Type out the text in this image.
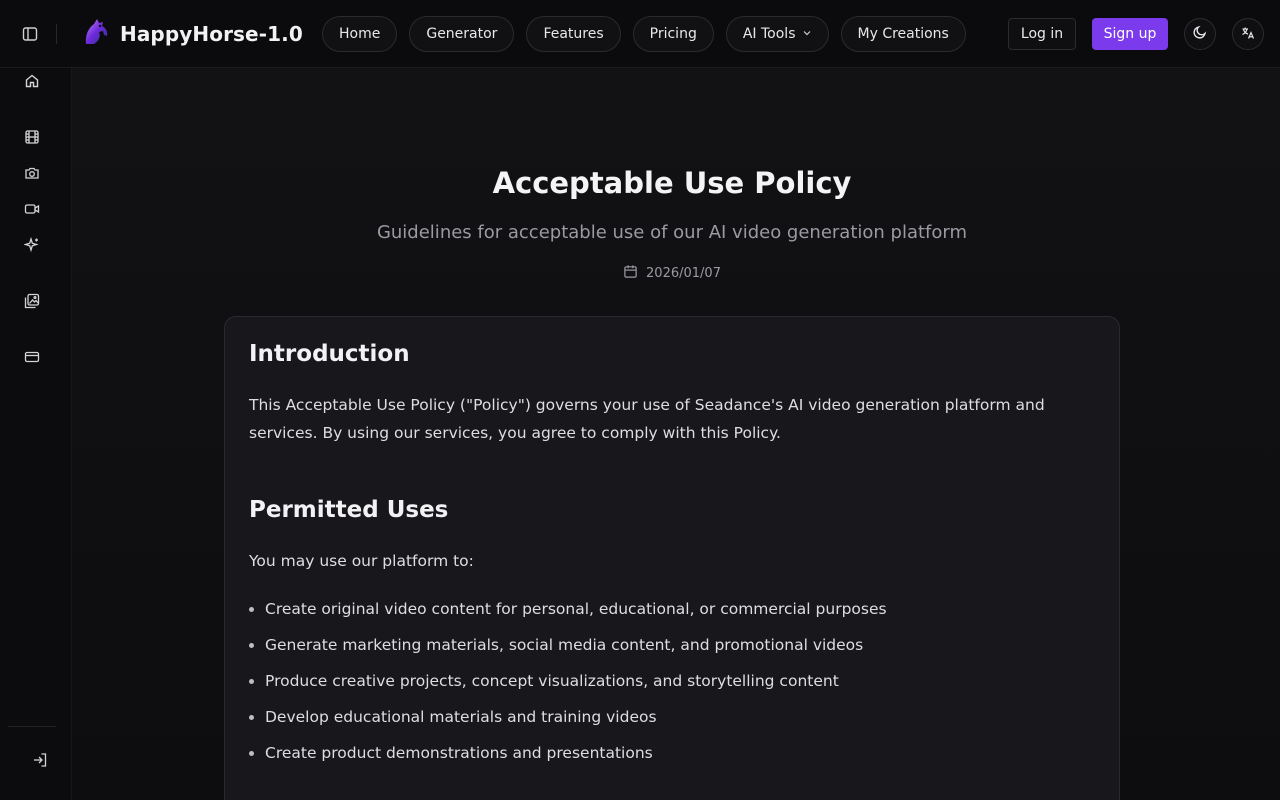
HappyHorse-1.0	Home	Generator	Features	Pricing	AI Tools	My Creations	Log in	Sign up
Acceptable Use Policy

Guidelines for acceptable use of our AI video generation platform

2026/01/07
Introduction

This Acceptable Use Policy ("Policy") governs your use of Seadance's AI video generation platform and services. By using our services, you agree to comply with this Policy.

Permitted Uses

You may use our platform to:

Create original video content for personal, educational, or commercial purposes
Generate marketing materials, social media content, and promotional videos
Produce creative projects, concept visualizations, and storytelling content
Develop educational materials and training videos
Create product demonstrations and presentations
